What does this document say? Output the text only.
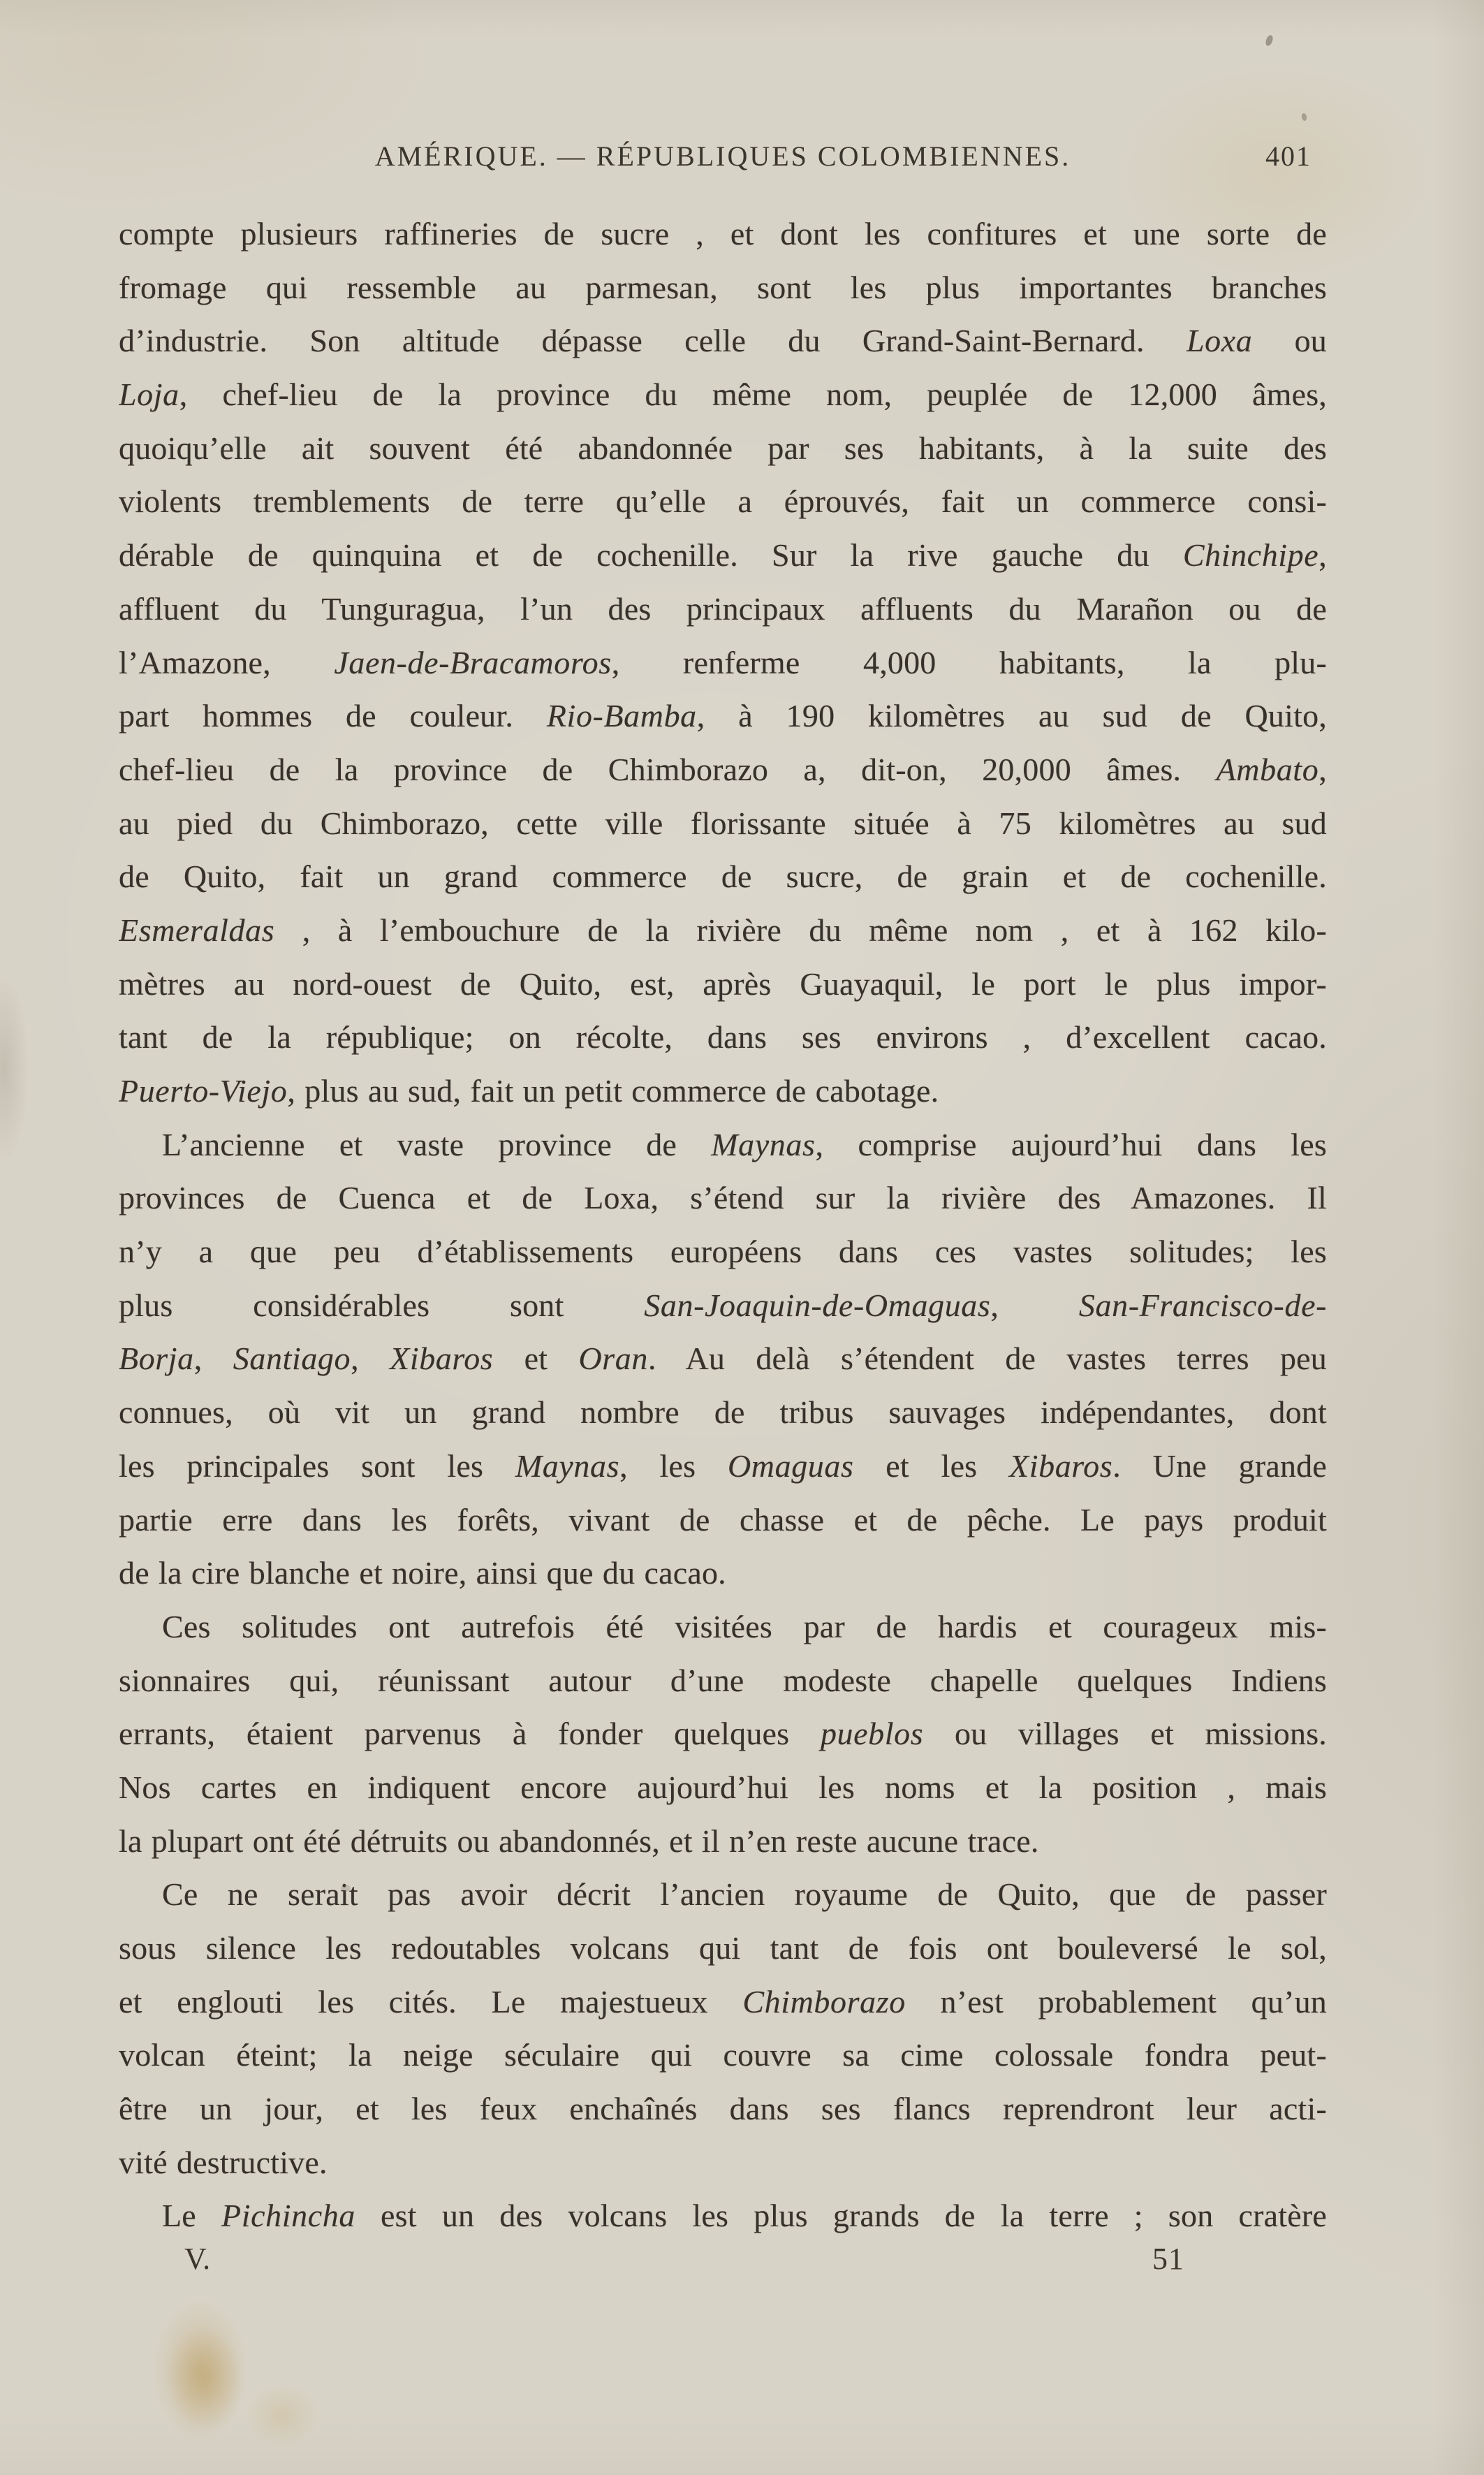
AMÉRIQUE. — RÉPUBLIQUES COLOMBIENNES.	401
compte plusieurs raffineries de sucre , et dont les confitures et une sorte de
fromage qui ressemble au parmesan, sont les plus importantes branches
d’industrie. Son altitude dépasse celle du Grand-Saint-Bernard. Loxa ou
Loja, chef-lieu de la province du même nom, peuplée de 12,000 âmes,
quoiqu’elle ait souvent été abandonnée par ses habitants, à la suite des
violents tremblements de terre qu’elle a éprouvés, fait un commerce consi-
dérable de quinquina et de cochenille. Sur la rive gauche du Chinchipe,
affluent du Tunguragua, l’un des principaux affluents du Marañon ou de
l’Amazone, Jaen-de-Bracamoros, renferme 4,000 habitants, la plu-
part hommes de couleur. Rio-Bamba, à 190 kilomètres au sud de Quito,
chef-lieu de la province de Chimborazo a, dit-on, 20,000 âmes. Ambato,
au pied du Chimborazo, cette ville florissante située à 75 kilomètres au sud
de Quito, fait un grand commerce de sucre, de grain et de cochenille.
Esmeraldas , à l’embouchure de la rivière du même nom , et à 162 kilo-
mètres au nord-ouest de Quito, est, après Guayaquil, le port le plus impor-
tant de la république; on récolte, dans ses environs , d’excellent cacao.
Puerto-Viejo, plus au sud, fait un petit commerce de cabotage.
L’ancienne et vaste province de Maynas, comprise aujourd’hui dans les
provinces de Cuenca et de Loxa, s’étend sur la rivière des Amazones. Il
n’y a que peu d’établissements européens dans ces vastes solitudes; les
plus considérables sont San-Joaquin-de-Omaguas, San-Francisco-de-
Borja, Santiago, Xibaros et Oran. Au delà s’étendent de vastes terres peu
connues, où vit un grand nombre de tribus sauvages indépendantes, dont
les principales sont les Maynas, les Omaguas et les Xibaros. Une grande
partie erre dans les forêts, vivant de chasse et de pêche. Le pays produit
de la cire blanche et noire, ainsi que du cacao.
Ces solitudes ont autrefois été visitées par de hardis et courageux mis-
sionnaires qui, réunissant autour d’une modeste chapelle quelques Indiens
errants, étaient parvenus à fonder quelques pueblos ou villages et missions.
Nos cartes en indiquent encore aujourd’hui les noms et la position , mais
la plupart ont été détruits ou abandonnés, et il n’en reste aucune trace.
Ce ne serait pas avoir décrit l’ancien royaume de Quito, que de passer
sous silence les redoutables volcans qui tant de fois ont bouleversé le sol,
et englouti les cités. Le majestueux Chimborazo n’est probablement qu’un
volcan éteint; la neige séculaire qui couvre sa cime colossale fondra peut-
être un jour, et les feux enchaînés dans ses flancs reprendront leur acti-
vité destructive.
Le Pichincha est un des volcans les plus grands de la terre ; son cratère
V.	51
